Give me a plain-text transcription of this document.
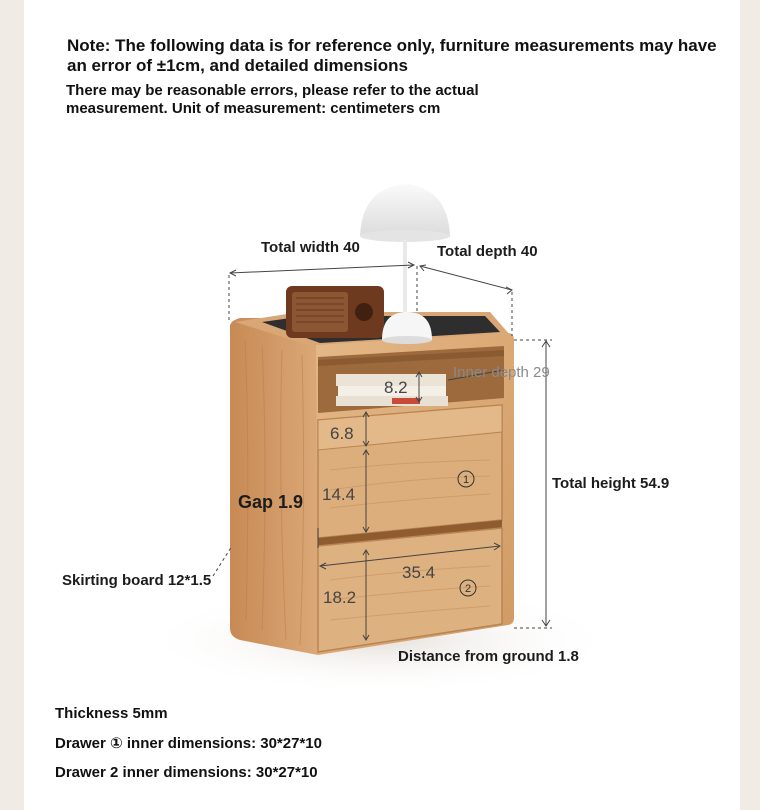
Note: The following data is for reference only, furniture measurements may have an error of ±1cm, and detailed dimensions
There may be reasonable errors, please refer to the actual measurement. Unit of measurement: centimeters cm
1
2
8.2
6.8
14.4
35.4
18.2
Total width 40	Total depth 40
Inner depth 29
Total height 54.9
Gap 1.9
Skirting board 12*1.5
Distance from ground 1.8
Thickness 5mm
Drawer ① inner dimensions: 30*27*10
Drawer 2 inner dimensions: 30*27*10
